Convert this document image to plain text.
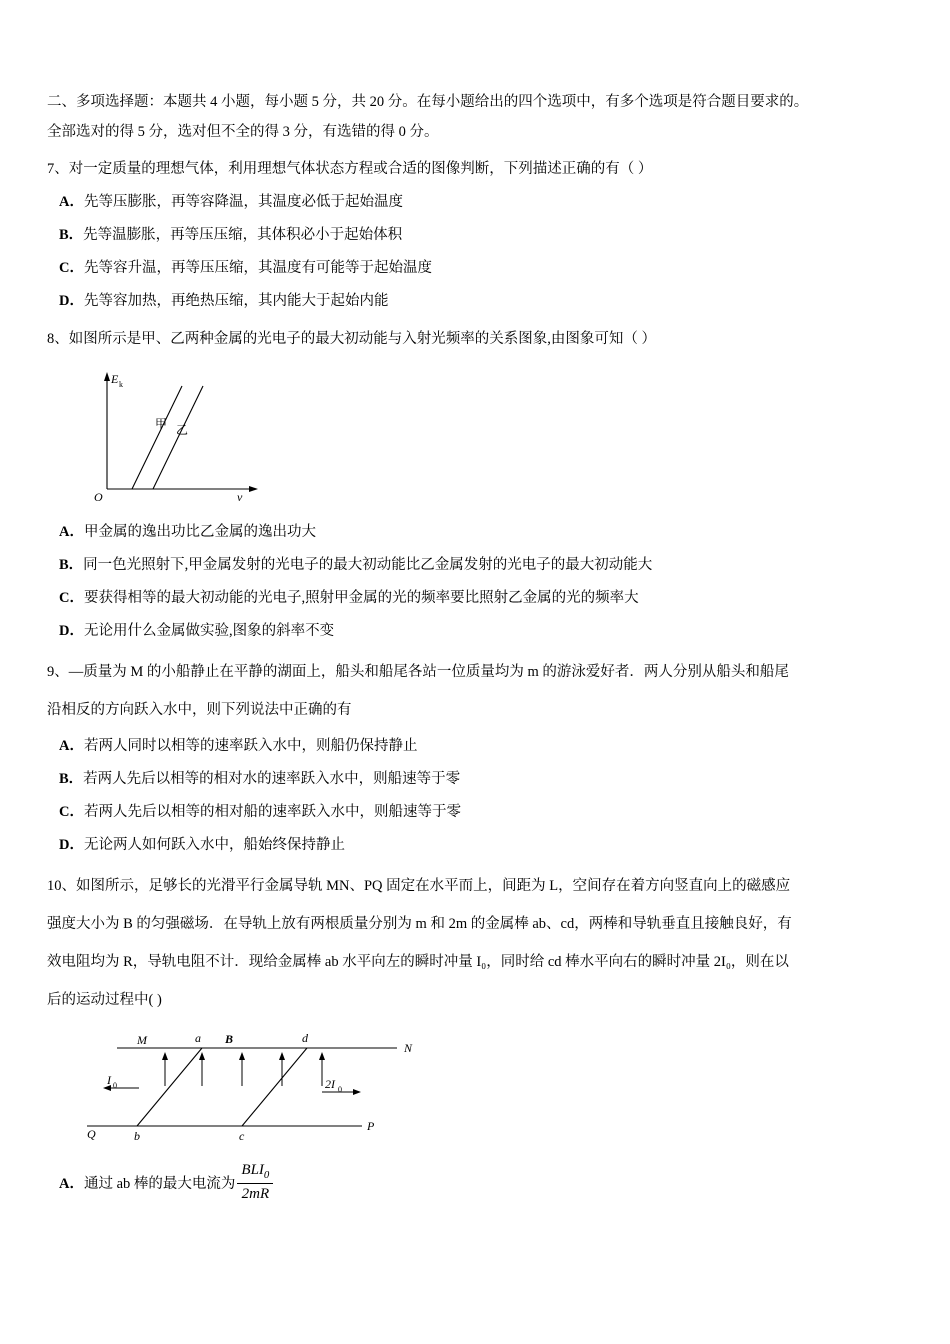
二、多项选择题：本题共 4 小题，每小题 5 分，共 20 分。在每小题给出的四个选项中，有多个选项是符合题目要求的。
全部选对的得 5 分，选对但不全的得 3 分，有选错的得 0 分。
7、对一定质量的理想气体，利用理想气体状态方程或合适的图像判断，下列描述正确的有（ ）
A．先等压膨胀，再等容降温，其温度必低于起始温度
B．先等温膨胀，再等压压缩，其体积必小于起始体积
C．先等容升温，再等压压缩，其温度有可能等于起始温度
D．先等容加热，再绝热压缩，其内能大于起始内能
8、如图所示是甲、乙两种金属的光电子的最大初动能与入射光频率的关系图象,由图象可知（ ）
E k
ν
O
甲 乙
A．甲金属的逸出功比乙金属的逸出功大
B．同一色光照射下,甲金属发射的光电子的最大初动能比乙金属发射的光电子的最大初动能大
C．要获得相等的最大初动能的光电子,照射甲金属的光的频率要比照射乙金属的光的频率大
D．无论用什么金属做实验,图象的斜率不变
9、—质量为 M 的小船静止在平静的湖面上，船头和船尾各站一位质量均为 m 的游泳爱好者．两人分别从船头和船尾
沿相反的方向跃入水中，则下列说法中正确的有
A．若两人同时以相等的速率跃入水中，则船仍保持静止
B．若两人先后以相等的相对水的速率跃入水中，则船速等于零
C．若两人先后以相等的相对船的速率跃入水中，则船速等于零
D．无论两人如何跃入水中，船始终保持静止
10、如图所示，足够长的光滑平行金属导轨 MN、PQ 固定在水平而上，间距为 L，空间存在着方向竖直向上的磁感应
强度大小为 B 的匀强磁场．在导轨上放有两根质量分别为 m 和 2m 的金属棒 ab、cd，两棒和导轨垂直且接触良好，有
效电阻均为 R，导轨电阻不计．现给金属棒 ab 水平向左的瞬时冲量 I₀，同时给 cd 棒水平向右的瞬时冲量 2I₀，则在以
后的运动过程中( )
M	a B	d
N
Q	b	c
P
I 0	2I 0
A． 通过 ab 棒的最大电流为 $\frac{BLI_0}{2mR}$
